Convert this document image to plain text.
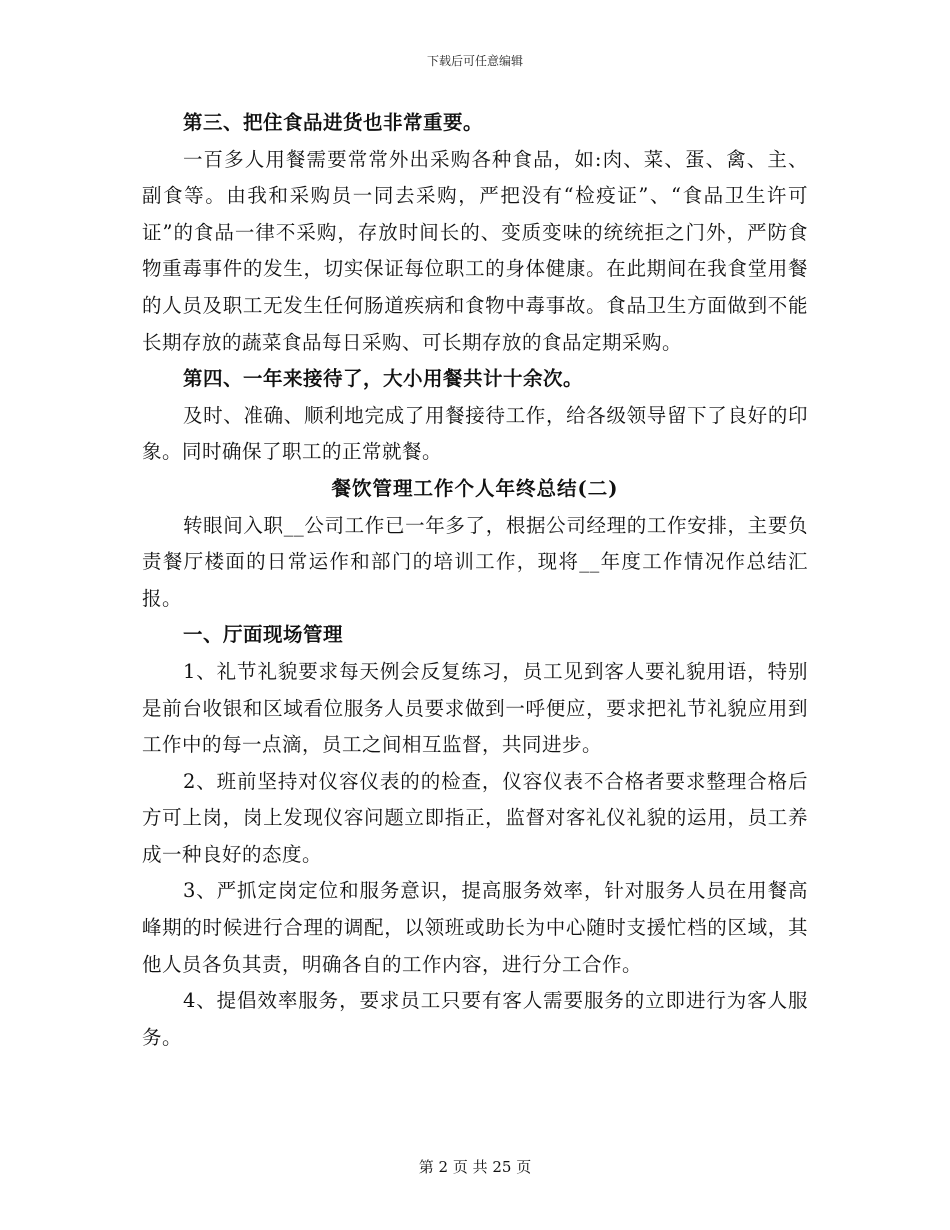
下载后可任意编辑

第三、把住食品进货也非常重要。

一百多人用餐需要常常外出采购各种食品，如:肉、菜、蛋、禽、主、副食等。由我和采购员一同去采购，严把没有“检疫证”、“食品卫生许可证”的食品一律不采购，存放时间长的、变质变味的统统拒之门外，严防食物重毒事件的发生，切实保证每位职工的身体健康。在此期间在我食堂用餐的人员及职工无发生任何肠道疾病和食物中毒事故。食品卫生方面做到不能长期存放的蔬菜食品每日采购、可长期存放的食品定期采购。

第四、一年来接待了，大小用餐共计十余次。

及时、准确、顺利地完成了用餐接待工作，给各级领导留下了良好的印象。同时确保了职工的正常就餐。

餐饮管理工作个人年终总结(二)

转眼间入职__公司工作已一年多了，根据公司经理的工作安排，主要负责餐厅楼面的日常运作和部门的培训工作，现将__年度工作情况作总结汇报。

一、厅面现场管理

1、礼节礼貌要求每天例会反复练习，员工见到客人要礼貌用语，特别是前台收银和区域看位服务人员要求做到一呼便应，要求把礼节礼貌应用到工作中的每一点滴，员工之间相互监督，共同进步。

2、班前坚持对仪容仪表的的检查，仪容仪表不合格者要求整理合格后方可上岗，岗上发现仪容问题立即指正，监督对客礼仪礼貌的运用，员工养成一种良好的态度。

3、严抓定岗定位和服务意识，提高服务效率，针对服务人员在用餐高峰期的时候进行合理的调配，以领班或助长为中心随时支援忙档的区域，其他人员各负其责，明确各自的工作内容，进行分工合作。

4、提倡效率服务，要求员工只要有客人需要服务的立即进行为客人服务。

第 2 页 共 25 页
